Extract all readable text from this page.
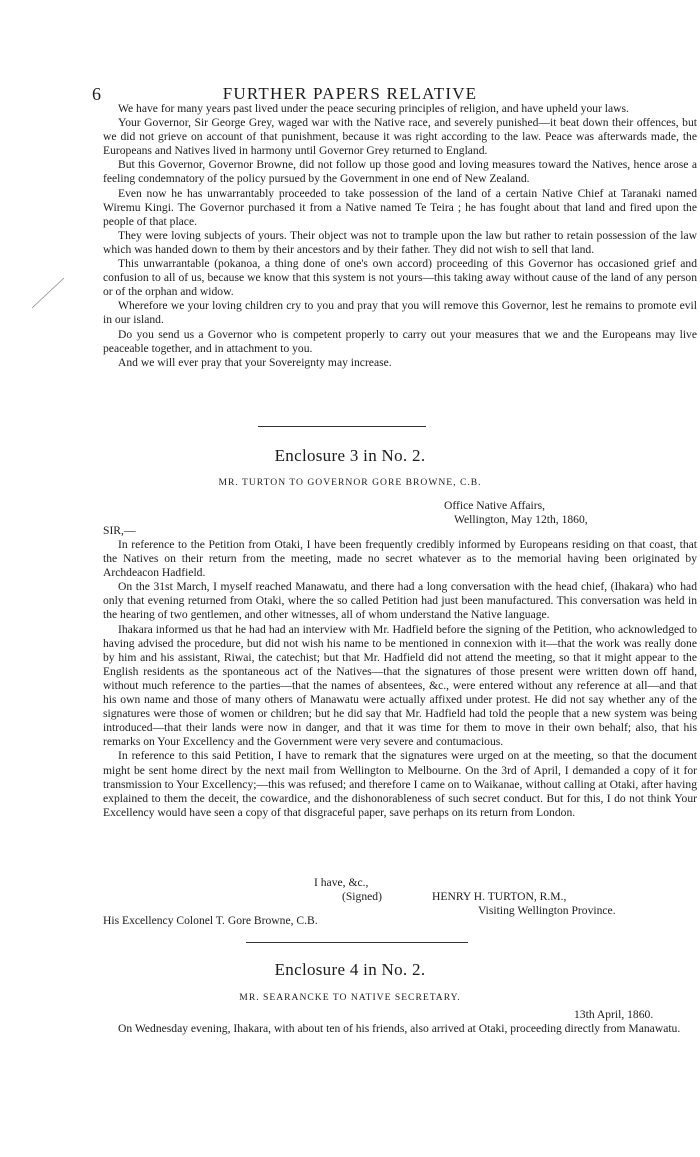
6	FURTHER PAPERS RELATIVE

We have for many years past lived under the peace securing principles of religion, and have upheld your laws.

Your Governor, Sir George Grey, waged war with the Native race, and severely punished—it beat down their offences, but we did not grieve on account of that punishment, because it was right according to the law. Peace was afterwards made, the Europeans and Natives lived in harmony until Governor Grey returned to England.

But this Governor, Governor Browne, did not follow up those good and loving measures toward the Natives, hence arose a feeling condemnatory of the policy pursued by the Government in one end of New Zealand.

Even now he has unwarrantably proceeded to take possession of the land of a certain Native Chief at Taranaki named Wiremu Kingi. The Governor purchased it from a Native named Te Teira ; he has fought about that land and fired upon the people of that place.

They were loving subjects of yours. Their object was not to trample upon the law but rather to retain possession of the law which was handed down to them by their ancestors and by their father. They did not wish to sell that land.

This unwarrantable (pokanoa, a thing done of one's own accord) proceeding of this Governor has occasioned grief and confusion to all of us, because we know that this system is not yours—this taking away without cause of the land of any person or of the orphan and widow.

Wherefore we your loving children cry to you and pray that you will remove this Governor, lest he remains to promote evil in our island.

Do you send us a Governor who is competent properly to carry out your measures that we and the Europeans may live peaceable together, and in attachment to you.

And we will ever pray that your Sovereignty may increase.

Enclosure 3 in No. 2.
MR. TURTON TO GOVERNOR GORE BROWNE, C.B.
Office Native Affairs,
Wellington, May 12th, 1860,
SIR,—

In reference to the Petition from Otaki, I have been frequently credibly informed by Europeans residing on that coast, that the Natives on their return from the meeting, made no secret whatever as to the memorial having been originated by Archdeacon Hadfield.

On the 31st March, I myself reached Manawatu, and there had a long conversation with the head chief, (Ihakara) who had only that evening returned from Otaki, where the so called Petition had just been manufactured. This conversation was held in the hearing of two gentlemen, and other witnesses, all of whom understand the Native language.

Ihakara informed us that he had had an interview with Mr. Hadfield before the signing of the Petition, who acknowledged to having advised the procedure, but did not wish his name to be mentioned in connexion with it—that the work was really done by him and his assistant, Riwai, the catechist; but that Mr. Hadfield did not attend the meeting, so that it might appear to the English residents as the spontaneous act of the Natives—that the signatures of those present were written down off hand, without much reference to the parties—that the names of absentees, &c., were entered without any reference at all—and that his own name and those of many others of Manawatu were actually affixed under protest. He did not say whether any of the signatures were those of women or children; but he did say that Mr. Hadfield had told the people that a new system was being introduced—that their lands were now in danger, and that it was time for them to move in their own behalf; also, that his remarks on Your Excellency and the Government were very severe and contumacious.

In reference to this said Petition, I have to remark that the signatures were urged on at the meeting, so that the document might be sent home direct by the next mail from Wellington to Melbourne. On the 3rd of April, I demanded a copy of it for transmission to Your Excellency;—this was refused; and therefore I came on to Waikanae, without calling at Otaki, after having explained to them the deceit, the cowardice, and the dishonorableness of such secret conduct. But for this, I do not think Your Excellency would have seen a copy of that disgraceful paper, save perhaps on its return from London.

I have, &c.,
(Signed)	HENRY H. TURTON, R.M.,
Visiting Wellington Province.
His Excellency Colonel T. Gore Browne, C.B.
Enclosure 4 in No. 2.
MR. SEARANCKE TO NATIVE SECRETARY.
13th April, 1860.

On Wednesday evening, Ihakara, with about ten of his friends, also arrived at Otaki, proceeding directly from Manawatu.
